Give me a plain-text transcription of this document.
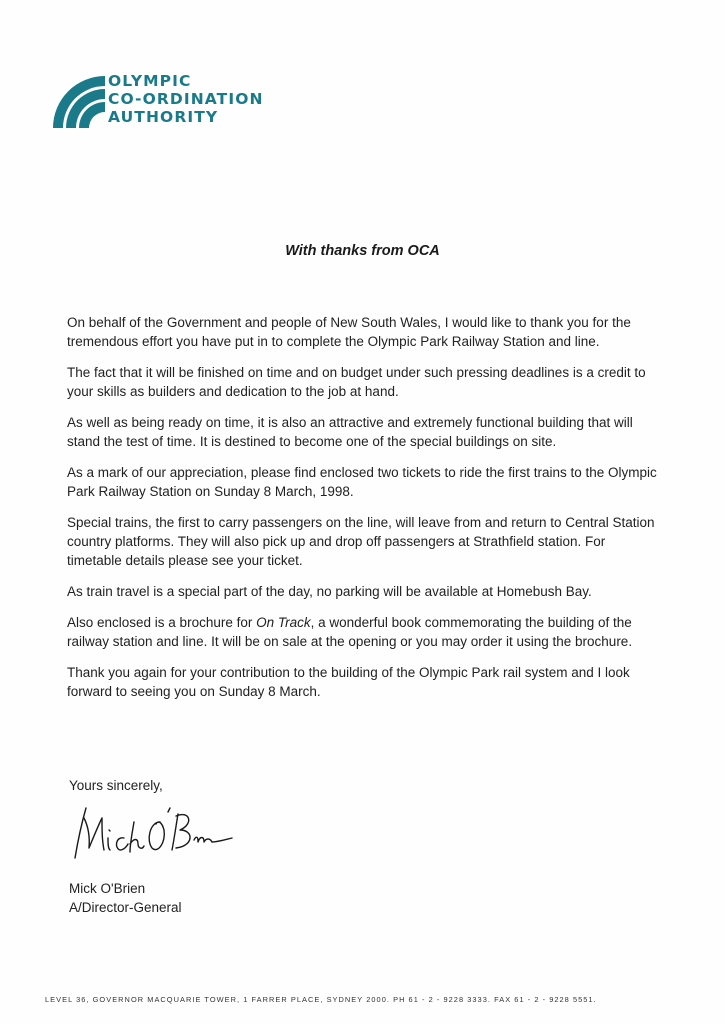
OLYMPIC
CO-ORDINATION
AUTHORITY
With thanks from OCA

On behalf of the Government and people of New South Wales, I would like to thank you for the tremendous effort you have put in to complete the Olympic Park Railway Station and line.

The fact that it will be finished on time and on budget under such pressing deadlines is a credit to your skills as builders and dedication to the job at hand.

As well as being ready on time, it is also an attractive and extremely functional building that will stand the test of time. It is destined to become one of the special buildings on site.

As a mark of our appreciation, please find enclosed two tickets to ride the first trains to the Olympic Park Railway Station on Sunday 8 March, 1998.

Special trains, the first to carry passengers on the line, will leave from and return to Central Station country platforms. They will also pick up and drop off passengers at Strathfield station. For timetable details please see your ticket.

As train travel is a special part of the day, no parking will be available at Homebush Bay.

Also enclosed is a brochure for On Track, a wonderful book commemorating the building of the railway station and line. It will be on sale at the opening or you may order it using the brochure.

Thank you again for your contribution to the building of the Olympic Park rail system and I look forward to seeing you on Sunday 8 March.

Yours sincerely,
Mick O'Brien
A/Director-General
LEVEL 36, GOVERNOR MACQUARIE TOWER, 1 FARRER PLACE, SYDNEY 2000. PH 61 - 2 - 9228 3333. FAX 61 - 2 - 9228 5551.
